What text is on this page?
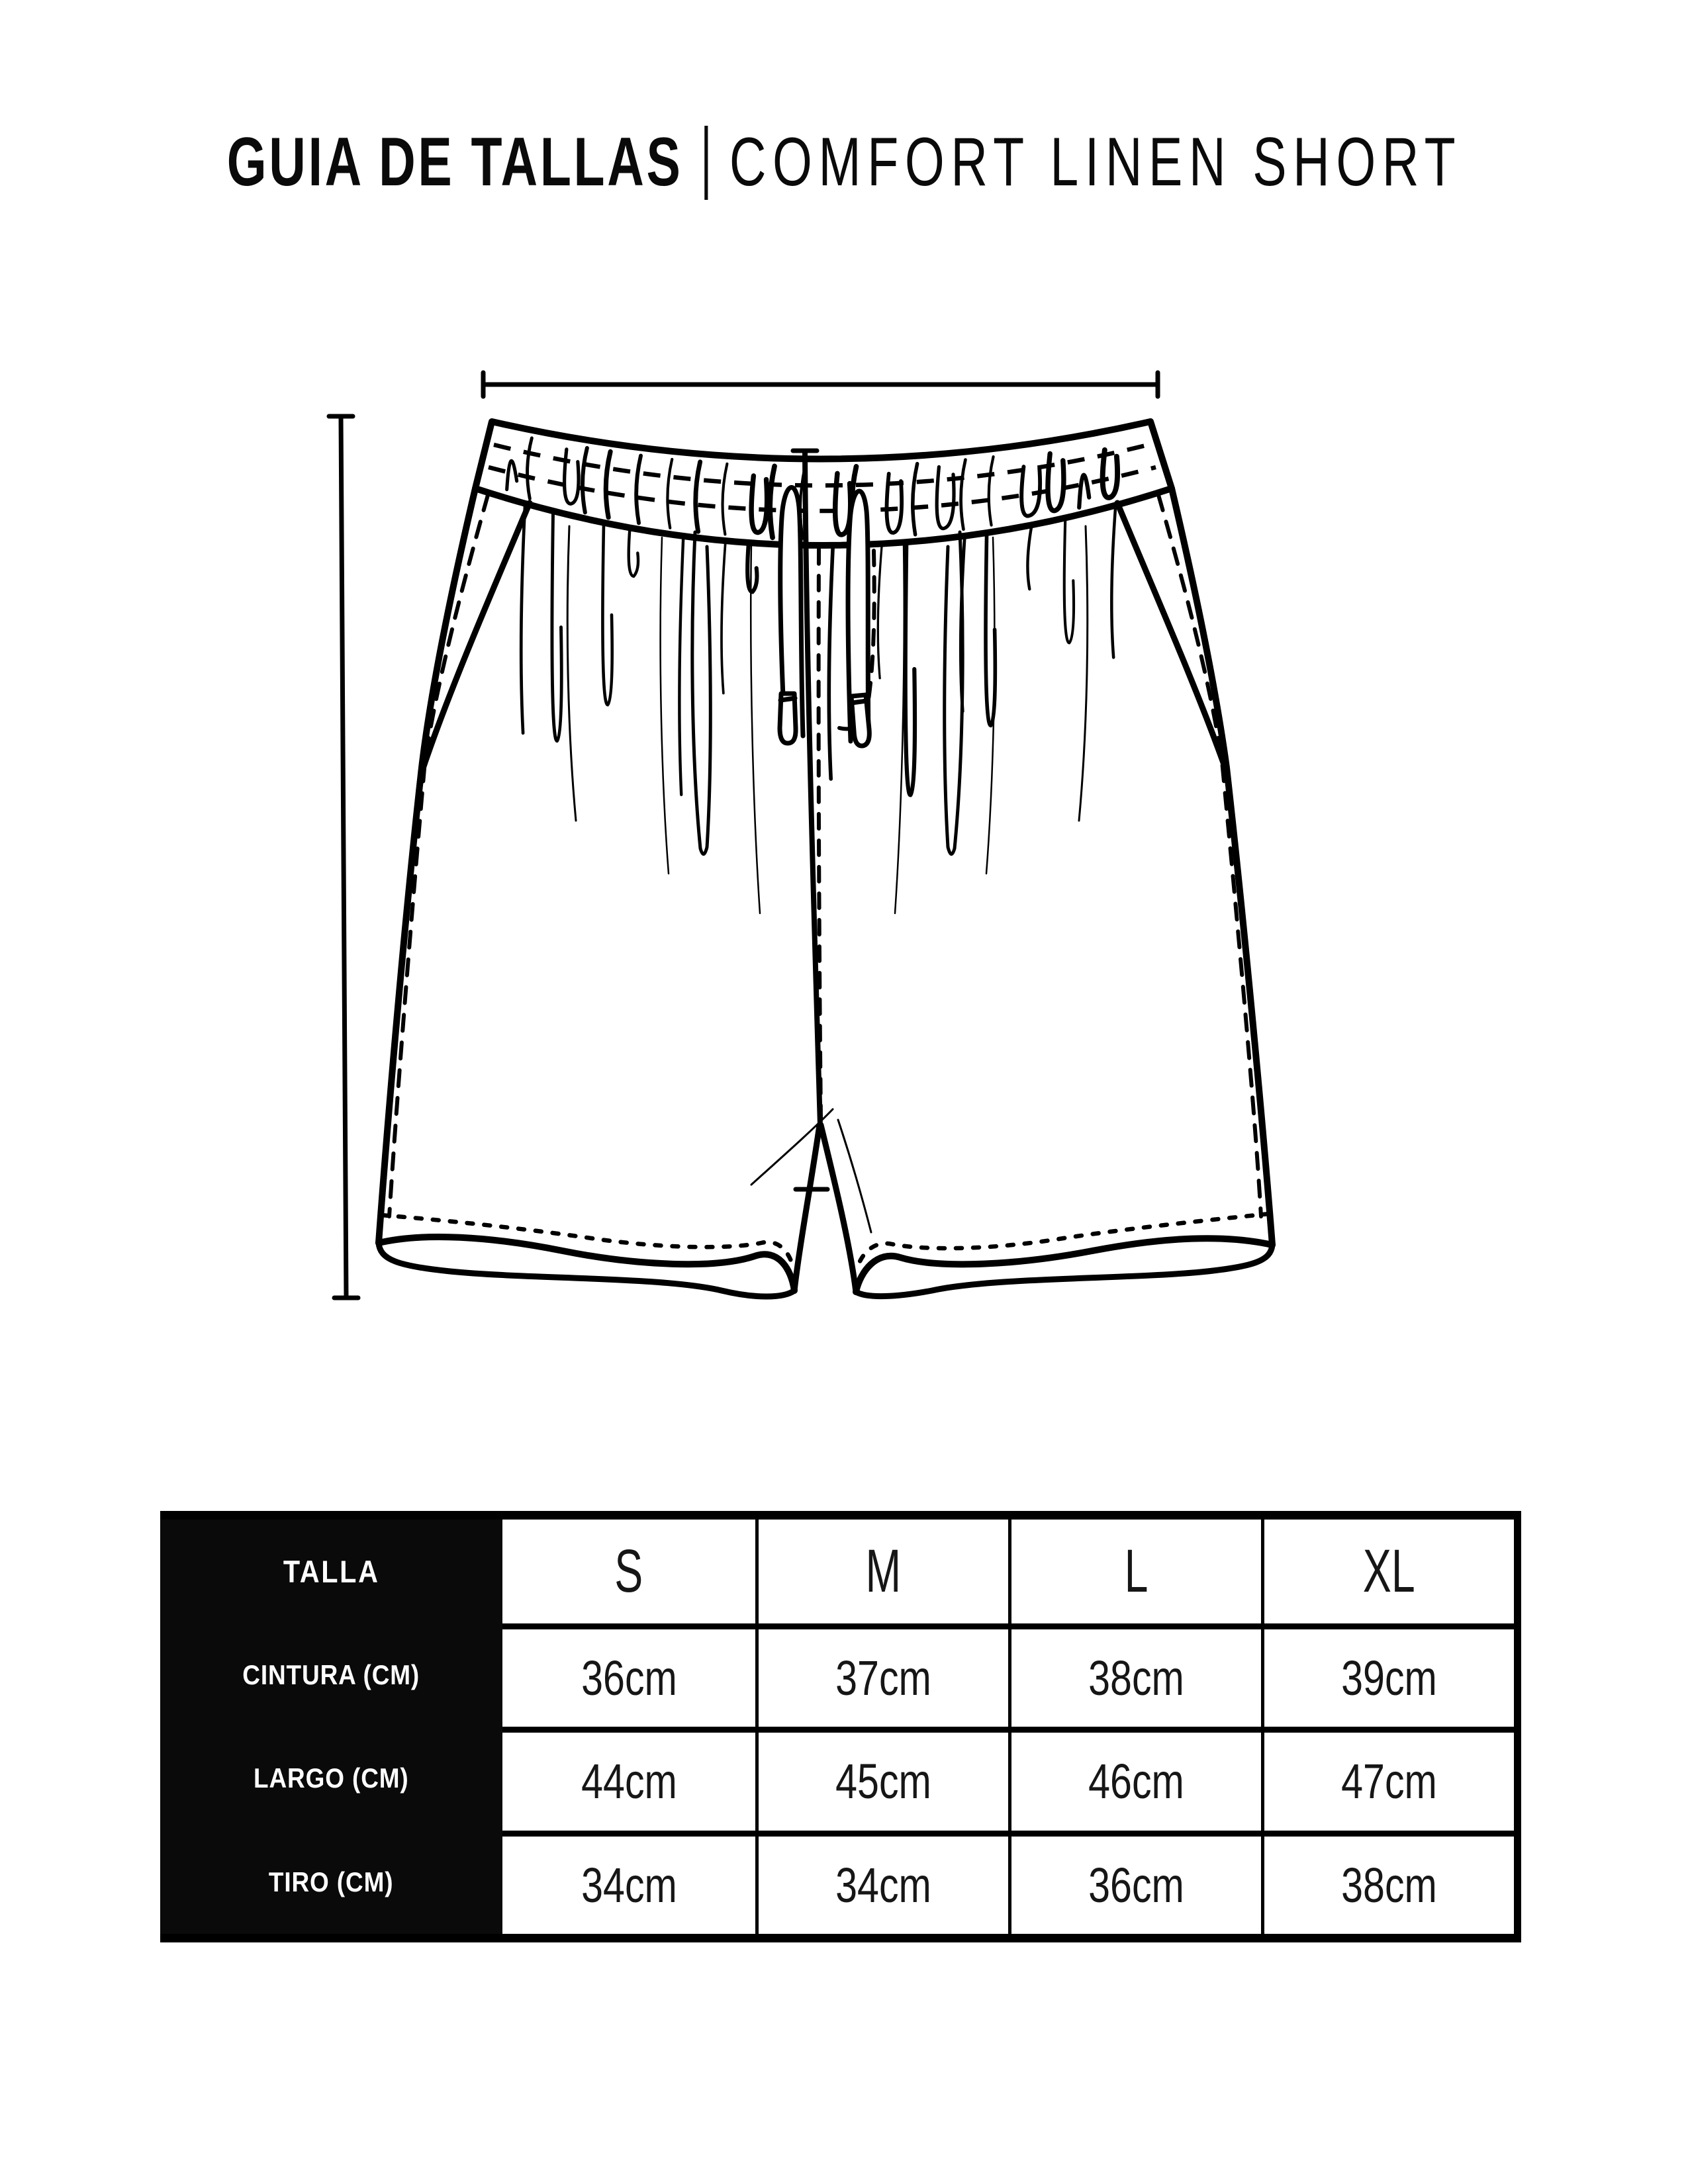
GUIA DE TALLAS COMFORT LINEN SHORT
TALLA	S	M	L	XL
CINTURA (CM)	36cm	37cm	38cm	39cm
LARGO (CM)	44cm	45cm	46cm	47cm
TIRO (CM)	34cm	34cm	36cm	38cm
